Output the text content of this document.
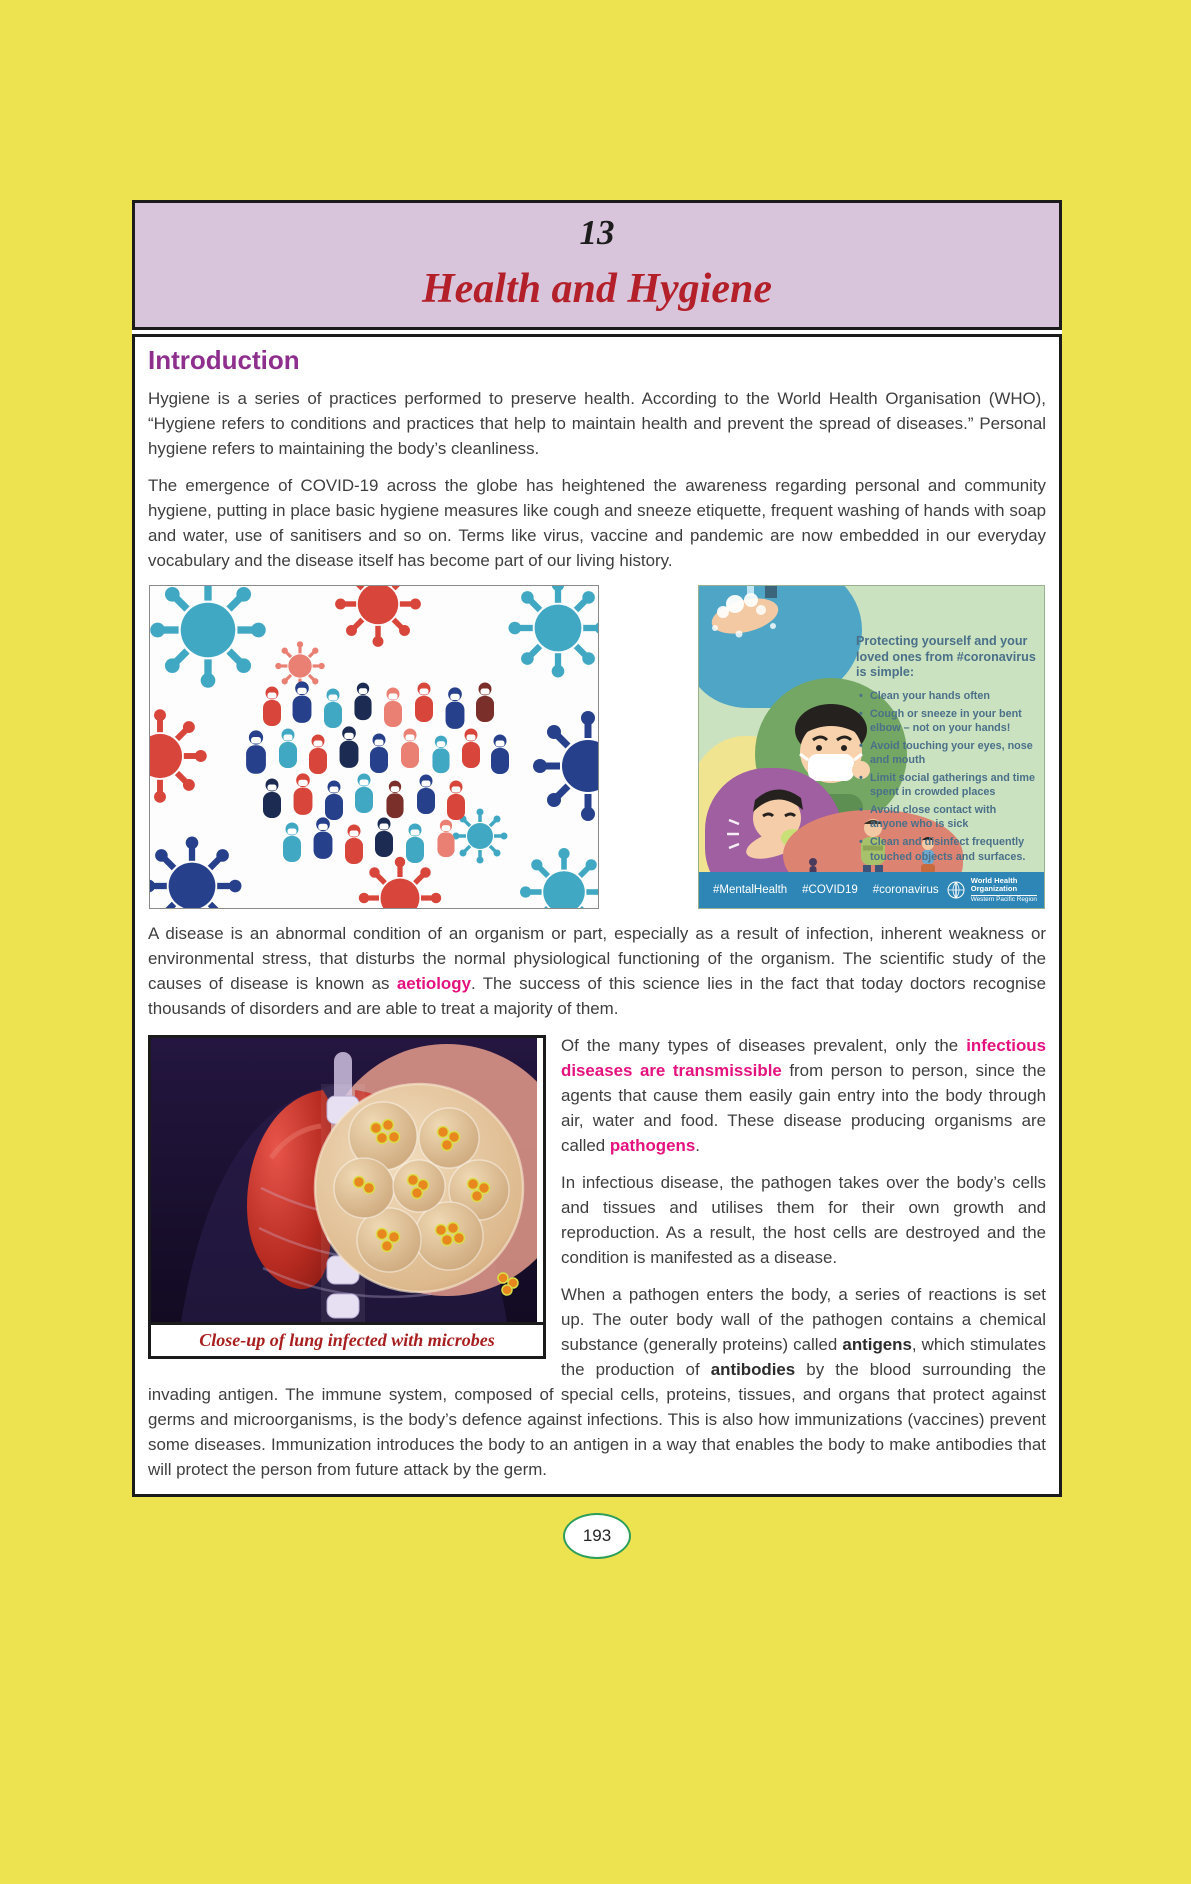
13
Health and Hygiene
Introduction

Hygiene is a series of practices performed to preserve health. According to the World Health Organisation (WHO), “Hygiene refers to conditions and practices that help to maintain health and prevent the spread of diseases.” Personal hygiene refers to maintaining the body’s cleanliness.

The emergence of COVID-19 across the globe has heightened the awareness regarding personal and community hygiene, putting in place basic hygiene measures like cough and sneeze etiquette, frequent washing of hands with soap and water, use of sanitisers and so on. Terms like virus, vaccine and pandemic are now embedded in our everyday vocabulary and the disease itself has become part of our living history.

Protecting yourself and your loved ones from #coronavirus is simple:
• Clean your hands often
• Cough or sneeze in your bent elbow – not on your hands!
• Avoid touching your eyes, nose and mouth
• Limit social gatherings and time spent in crowded places
• Avoid close contact with anyone who is sick
• Clean and disinfect frequently touched objects and surfaces.
#MentalHealth #COVID19 #coronavirus
World Health
Organization
Western Pacific Region

A disease is an abnormal condition of an organism or part, especially as a result of infection, inherent weakness or environmental stress, that disturbs the normal physiological functioning of the organism. The scientific study of the causes of disease is known as aetiology. The success of this science lies in the fact that today doctors recognise thousands of disorders and are able to treat a majority of them.

Close-up of lung infected with microbes

Of the many types of diseases prevalent, only the infectious diseases are transmissible from person to person, since the agents that cause them easily gain entry into the body through air, water and food. These disease producing organisms are called pathogens.

In infectious disease, the pathogen takes over the body’s cells and tissues and utilises them for their own growth and reproduction. As a result, the host cells are destroyed and the condition is manifested as a disease.

When a pathogen enters the body, a series of reactions is set up. The outer body wall of the pathogen contains a chemical substance (generally proteins) called antigens, which stimulates the production of antibodies by the blood surrounding the invading antigen. The immune system, composed of special cells, proteins, tissues, and organs that protect against germs and microorganisms, is the body’s defence against infections. This is also how immunizations (vaccines) prevent some diseases. Immunization introduces the body to an antigen in a way that enables the body to make antibodies that will protect the person from future attack by the germ.

193
